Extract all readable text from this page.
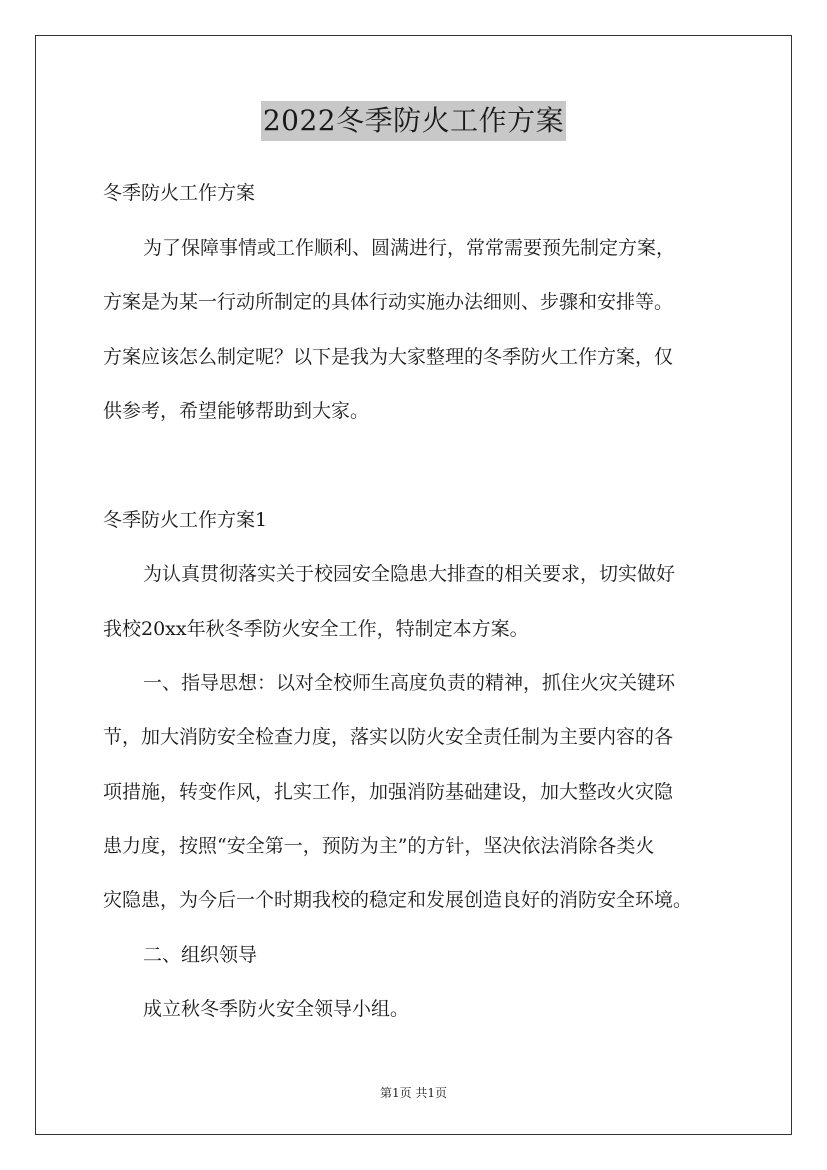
2022冬季防火工作方案
冬季防火工作方案
为了保障事情或工作顺利、圆满进行，常常需要预先制定方案，
方案是为某一行动所制定的具体行动实施办法细则、步骤和安排等。
方案应该怎么制定呢？以下是我为大家整理的冬季防火工作方案，仅
供参考，希望能够帮助到大家。
冬季防火工作方案1
为认真贯彻落实关于校园安全隐患大排查的相关要求，切实做好
我校20xx年秋冬季防火安全工作，特制定本方案。
一、指导思想：以对全校师生高度负责的精神，抓住火灾关键环
节，加大消防安全检查力度，落实以防火安全责任制为主要内容的各
项措施，转变作风，扎实工作，加强消防基础建设，加大整改火灾隐
患力度，按照“安全第一，预防为主”的方针，坚决依法消除各类火
灾隐患，为今后一个时期我校的稳定和发展创造良好的消防安全环境。
二、组织领导
成立秋冬季防火安全领导小组。
第1页 共1页
